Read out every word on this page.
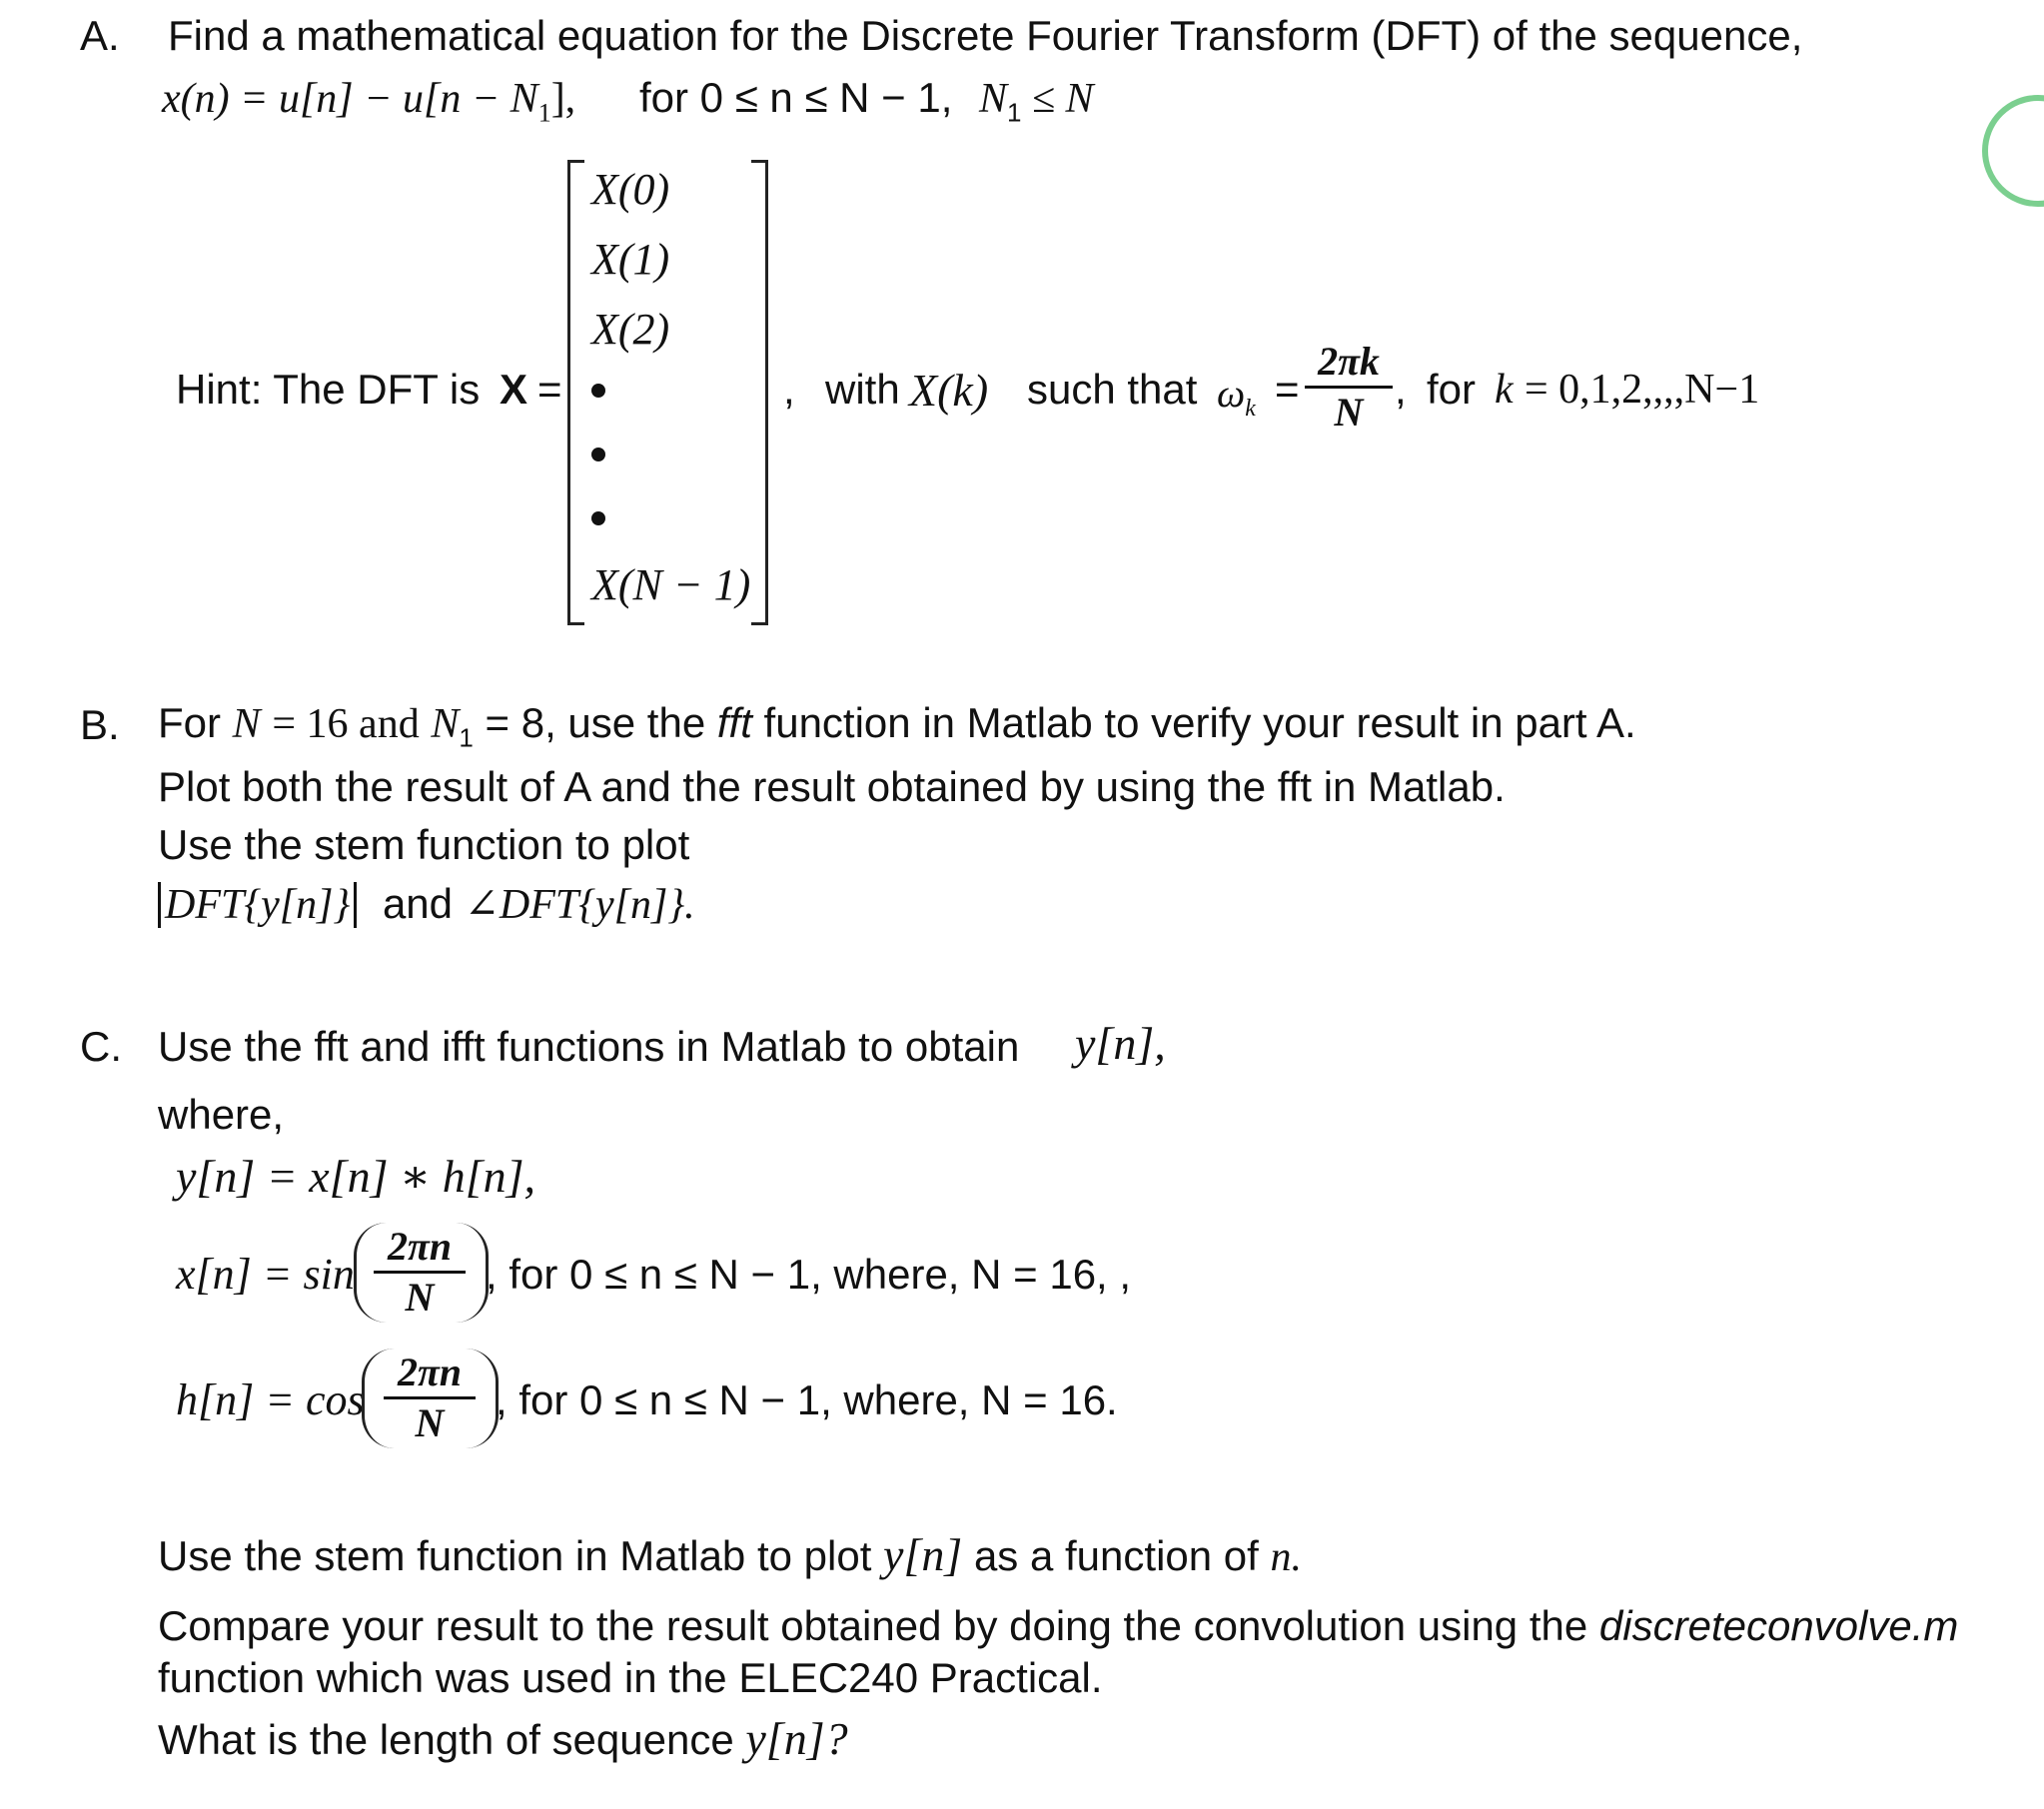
A. Find a mathematical equation for the Discrete Fourier Transform (DFT) of the sequence,
$x(n) = u[n] - u[n - N_1]$, for 0 ≤ n ≤ N − 1, $N_1 \le N$
Hint: The DFT is X =
X(0)
X(1)
X(2)
X(N − 1)
, with X(k) such that $\omega_k$ =
2πk
N , for k = 0,1,2,,,,N−1
B. For N = 16 and $N_1 = 8$, use the fft function in Matlab to verify your result in part A.
Plot both the result of A and the result obtained by using the fft in Matlab.
Use the stem function to plot
DFT{y[n]} and ∠DFT{y[n]}.
C. Use the fft and ifft functions in Matlab to obtain y[n],
where,
y[n] = x[n] ∗ h[n],
x[n] = sin
2πn
N	, for 0 ≤ n ≤ N − 1, where, N = 16, ,
h[n] = cos
2πn
N	, for 0 ≤ n ≤ N − 1, where, N = 16.
Use the stem function in Matlab to plot y[n] as a function of n.
Compare your result to the result obtained by doing the convolution using the discreteconvolve.m
function which was used in the ELEC240 Practical.
What is the length of sequence y[n]?
